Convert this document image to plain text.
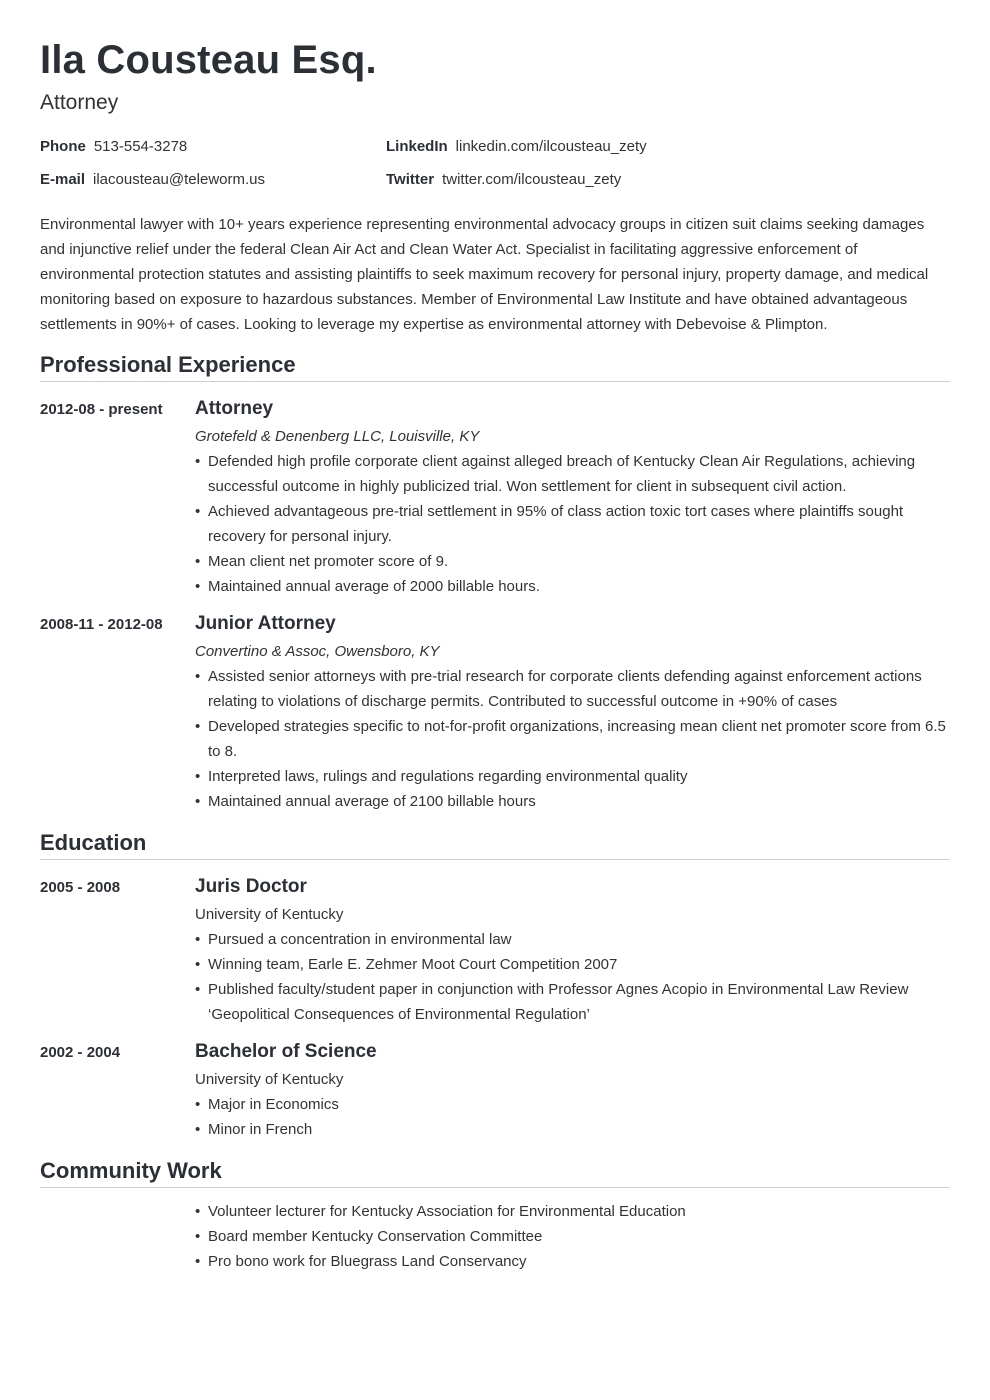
Ila Cousteau Esq.
Attorney
Phone 513-554-3278
E-mail ilacousteau@teleworm.us
LinkedIn linkedin.com/ilcousteau_zety
Twitter twitter.com/ilcousteau_zety

Environmental lawyer with 10+ years experience representing environmental advocacy groups in citizen suit claims seeking damages and injunctive relief under the federal Clean Air Act and Clean Water Act. Specialist in facilitating aggressive enforcement of environmental protection statutes and assisting plaintiffs to seek maximum recovery for personal injury, property damage, and medical monitoring based on exposure to hazardous substances. Member of Environmental Law Institute and have obtained advantageous settlements in 90%+ of cases. Looking to leverage my expertise as environmental attorney with Debevoise & Plimpton.

Professional Experience
2012-08 - present Attorney
Grotefeld & Denenberg LLC, Louisville, KY
• Defended high profile corporate client against alleged breach of Kentucky Clean Air Regulations, achieving successful outcome in highly publicized trial. Won settlement for client in subsequent civil action.
• Achieved advantageous pre-trial settlement in 95% of class action toxic tort cases where plaintiffs sought recovery for personal injury.
• Mean client net promoter score of 9.
• Maintained annual average of 2000 billable hours.
2008-11 - 2012-08 Junior Attorney
Convertino & Assoc, Owensboro, KY
• Assisted senior attorneys with pre-trial research for corporate clients defending against enforcement actions relating to violations of discharge permits. Contributed to successful outcome in +90% of cases
• Developed strategies specific to not-for-profit organizations, increasing mean client net promoter score from 6.5 to 8.
• Interpreted laws, rulings and regulations regarding environmental quality
• Maintained annual average of 2100 billable hours
Education
2005 - 2008	Juris Doctor
University of Kentucky
• Pursued a concentration in environmental law
• Winning team, Earle E. Zehmer Moot Court Competition 2007
• Published faculty/student paper in conjunction with Professor Agnes Acopio in Environmental Law Review ‘Geopolitical Consequences of Environmental Regulation’
2002 - 2004	Bachelor of Science
University of Kentucky
• Major in Economics
• Minor in French
Community Work
• Volunteer lecturer for Kentucky Association for Environmental Education
• Board member Kentucky Conservation Committee
• Pro bono work for Bluegrass Land Conservancy
